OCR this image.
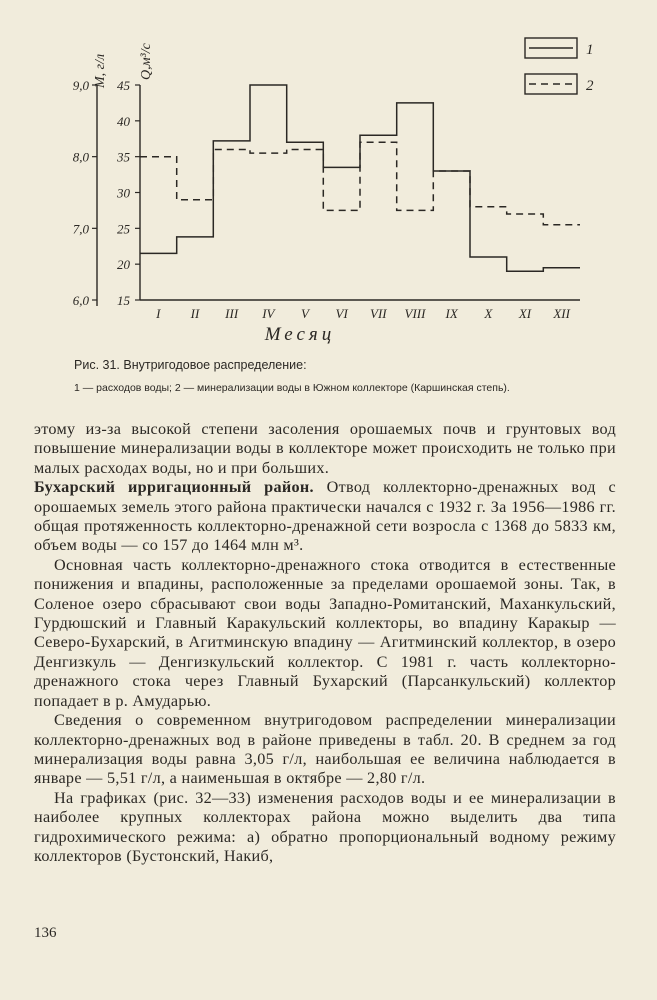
6,0
7,0
8,0
9,0
15
20
25
30
35
40
45
I II III IV V VI VII VIII IX X XI XII
1
2
Месяц
М, г/л Q,м³/с
Рис. 31. Внутригодовое распределение:
1 — расходов воды; 2 — минерализации воды в Южном коллекторе (Каршинская степь).

этому из-за высокой степени засоления орошаемых почв и грунтовых вод повышение минерализации воды в коллекторе может происходить не только при малых расходах воды, но и при больших.

Бухарский ирригационный район. Отвод коллекторно-дренажных вод с орошаемых земель этого района практически начался с 1932 г. За 1956—1986 гг. общая протяженность коллекторно-дренажной сети возросла с 1368 до 5833 км, объем воды — со 157 до 1464 млн м³.

Основная часть коллекторно-дренажного стока отводится в естественные понижения и впадины, расположенные за пределами орошаемой зоны. Так, в Соленое озеро сбрасывают свои воды Западно-Ромитанский, Маханкульский, Гурдюшский и Главный Каракульский коллекторы, во впадину Каракыр — Северо-Бухарский, в Агитминскую впадину — Агитминский коллектор, в озеро Денгизкуль — Денгизкульский коллектор. С 1981 г. часть коллекторно-дренажного стока через Главный Бухарский (Парсанкульский) коллектор попадает в р. Амударью.

Сведения о современном внутригодовом распределении минерализации коллекторно-дренажных вод в районе приведены в табл. 20. В среднем за год минерализация воды равна 3,05 г/л, наибольшая ее величина наблюдается в январе — 5,51 г/л, а наименьшая в октябре — 2,80 г/л.

На графиках (рис. 32—33) изменения расходов воды и ее минерализации в наиболее крупных коллекторах района можно выделить два типа гидрохимического режима: а) обратно пропорциональный водному режиму коллекторов (Бустонский, Накиб,

136
